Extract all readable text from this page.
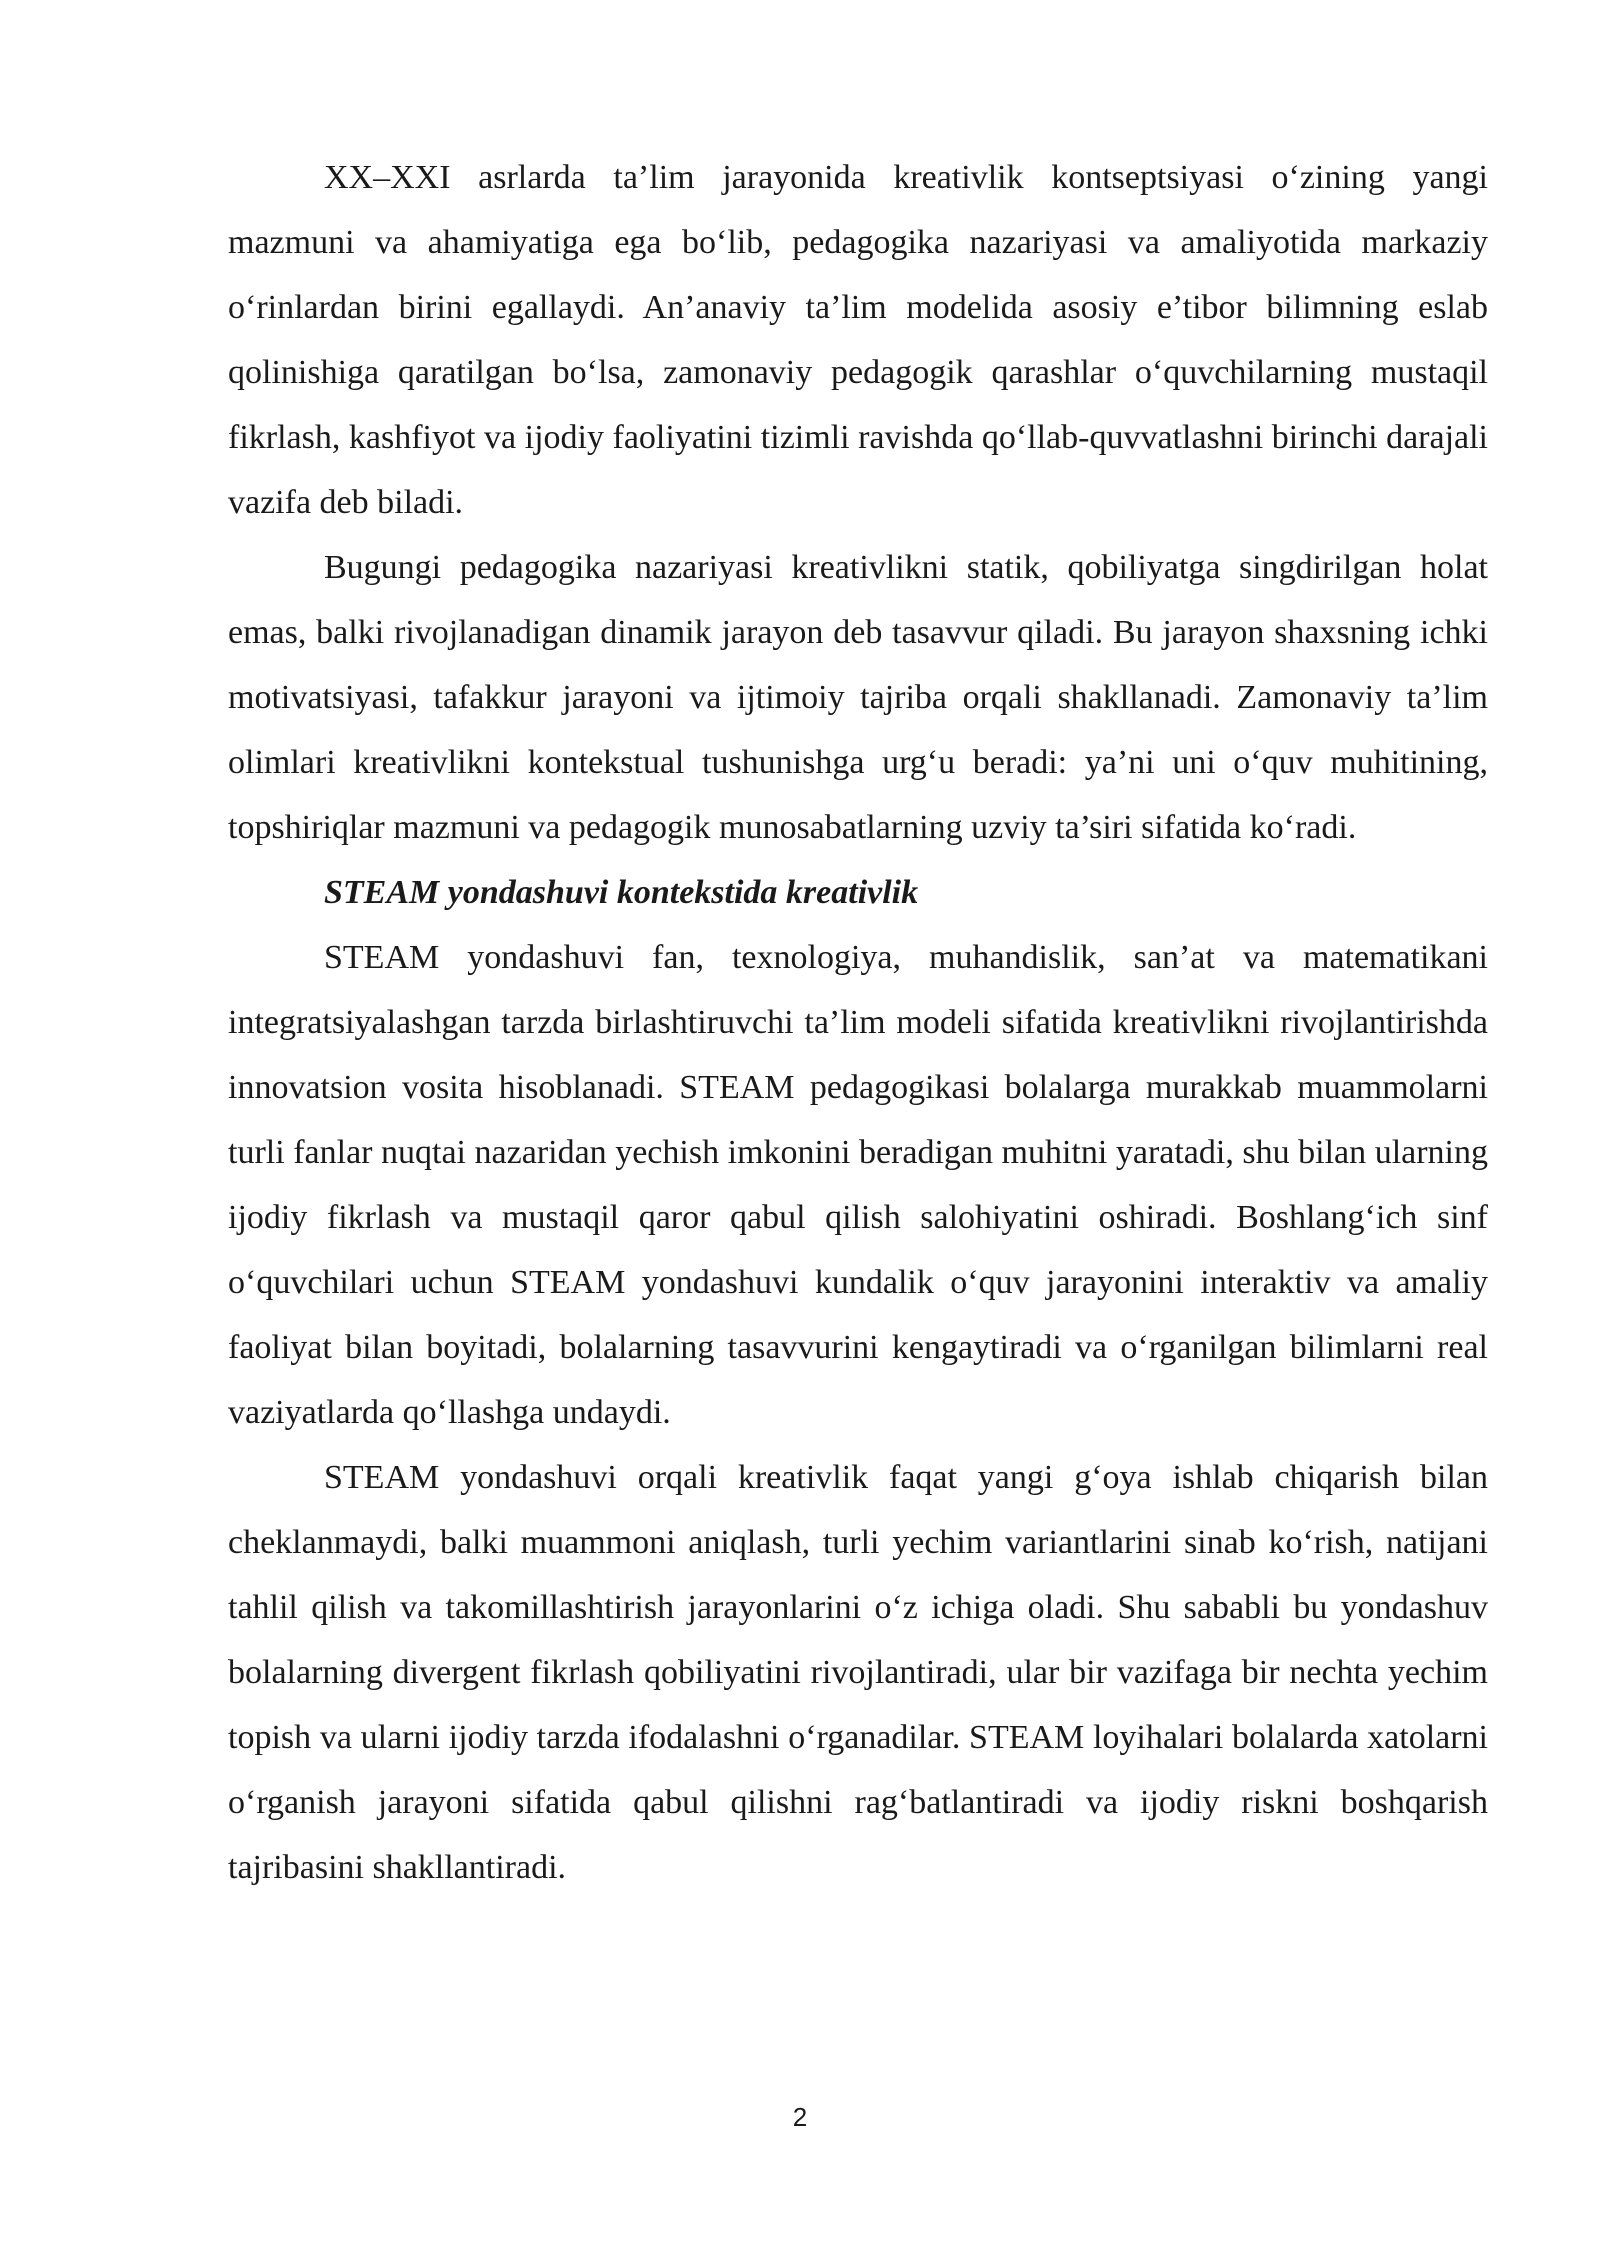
XX–XXI asrlarda ta’lim jarayonida kreativlik kontseptsiyasi o‘zining yangi mazmuni va ahamiyatiga ega bo‘lib, pedagogika nazariyasi va amaliyotida markaziy o‘rinlardan birini egallaydi. An’anaviy ta’lim modelida asosiy e’tibor bilimning eslab qolinishiga qaratilgan bo‘lsa, zamonaviy pedagogik qarashlar o‘quvchilarning mustaqil fikrlash, kashfiyot va ijodiy faoliyatini tizimli ravishda qo‘llab-quvvatlashni birinchi darajali vazifa deb biladi.

Bugungi pedagogika nazariyasi kreativlikni statik, qobiliyatga singdirilgan holat emas, balki rivojlanadigan dinamik jarayon deb tasavvur qiladi. Bu jarayon shaxsning ichki motivatsiyasi, tafakkur jarayoni va ijtimoiy tajriba orqali shakllanadi. Zamonaviy ta’lim olimlari kreativlikni kontekstual tushunishga urg‘u beradi: ya’ni uni o‘quv muhitining, topshiriqlar mazmuni va pedagogik munosabatlarning uzviy ta’siri sifatida ko‘radi.

STEAM yondashuvi kontekstida kreativlik

STEAM yondashuvi fan, texnologiya, muhandislik, san’at va matematikani integratsiyalashgan tarzda birlashtiruvchi ta’lim modeli sifatida kreativlikni rivojlantirishda innovatsion vosita hisoblanadi. STEAM pedagogikasi bolalarga murakkab muammolarni turli fanlar nuqtai nazaridan yechish imkonini beradigan muhitni yaratadi, shu bilan ularning ijodiy fikrlash va mustaqil qaror qabul qilish salohiyatini oshiradi. Boshlang‘ich sinf o‘quvchilari uchun STEAM yondashuvi kundalik o‘quv jarayonini interaktiv va amaliy faoliyat bilan boyitadi, bolalarning tasavvurini kengaytiradi va o‘rganilgan bilimlarni real vaziyatlarda qo‘llashga undaydi.

STEAM yondashuvi orqali kreativlik faqat yangi g‘oya ishlab chiqarish bilan cheklanmaydi, balki muammoni aniqlash, turli yechim variantlarini sinab ko‘rish, natijani tahlil qilish va takomillashtirish jarayonlarini o‘z ichiga oladi. Shu sababli bu yondashuv bolalarning divergent fikrlash qobiliyatini rivojlantiradi, ular bir vazifaga bir nechta yechim topish va ularni ijodiy tarzda ifodalashni o‘rganadilar. STEAM loyihalari bolalarda xatolarni o‘rganish jarayoni sifatida qabul qilishni rag‘batlantiradi va ijodiy riskni boshqarish tajribasini shakllantiradi.

2
